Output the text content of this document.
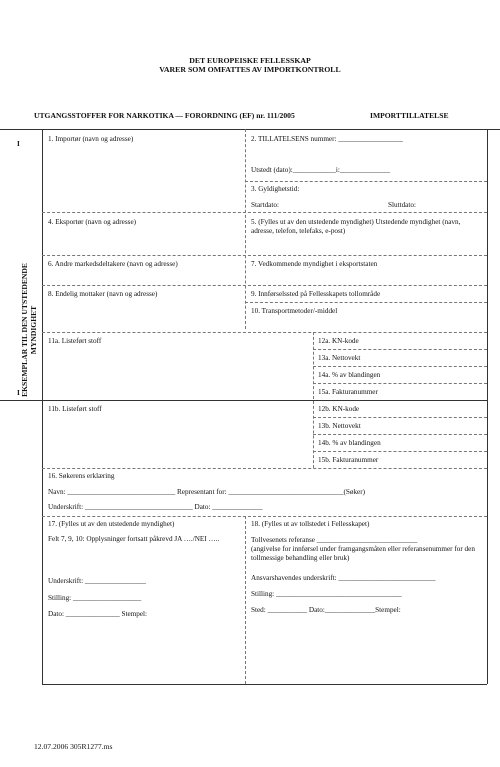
DET EUROPEISKE FELLESSKAP
VARER SOM OMFATTES AV IMPORTKONTROLL
UTGANGSSTOFFER FOR NARKOTIKA — FORORDNING (EF) nr. 111/2005	IMPORTTILLATELSE
I
EKSEMPLAR TIL DEN UTSTEDENDE MYNDIGHET
I
1. Importør (navn og adresse)	2. TILLATELSENS nummer: __________________
Utstedt (dato):____________i:______________
3. Gyldighetstid:
Startdato:	Sluttdato:
4. Eksportør (navn og adresse)	5. (Fylles ut av den utstedende myndighet) Utstedende myndighet (navn, adresse, telefon, telefaks, e-post)
6. Andre markedsdeltakere (navn og adresse)	7. Vedkommende myndighet i eksportstaten
8. Endelig mottaker (navn og adresse)	9. Innførselssted på Fellesskapets tollområde
10. Transportmetoder/-middel
11a. Listeført stoff	12a. KN-kode
13a. Nettovekt
14a. % av blandingen
15a. Fakturanummer
11b. Listeført stoff	12b. KN-kode
13b. Nettovekt
14b. % av blandingen
15b. Fakturanummer
16. Søkerens erklæring
Navn: ______________________________ Representant for: ________________________________(Søker)
Underskrift: ______________________________ Dato: ______________
17. (Fylles ut av den utstedende myndighet)
Felt 7, 9, 10: Opplysninger fortsatt påkrevd JA …./NEI …..
Underskrift: _________________
Stilling: ___________________
Dato: _______________ Stempel:
18. (Fylles ut av tollstedet i Fellesskapet)
Tollvesenets referanse ____________________________
(angivelse for innførsel under framgangsmåten eller referansenummer for den tollmessige behandling eller bruk)
Ansvarshavendes underskrift: ___________________________
Stilling: ___________________________________
Sted: ___________ Dato:______________Stempel:
12.07.2006 305R1277.ms
